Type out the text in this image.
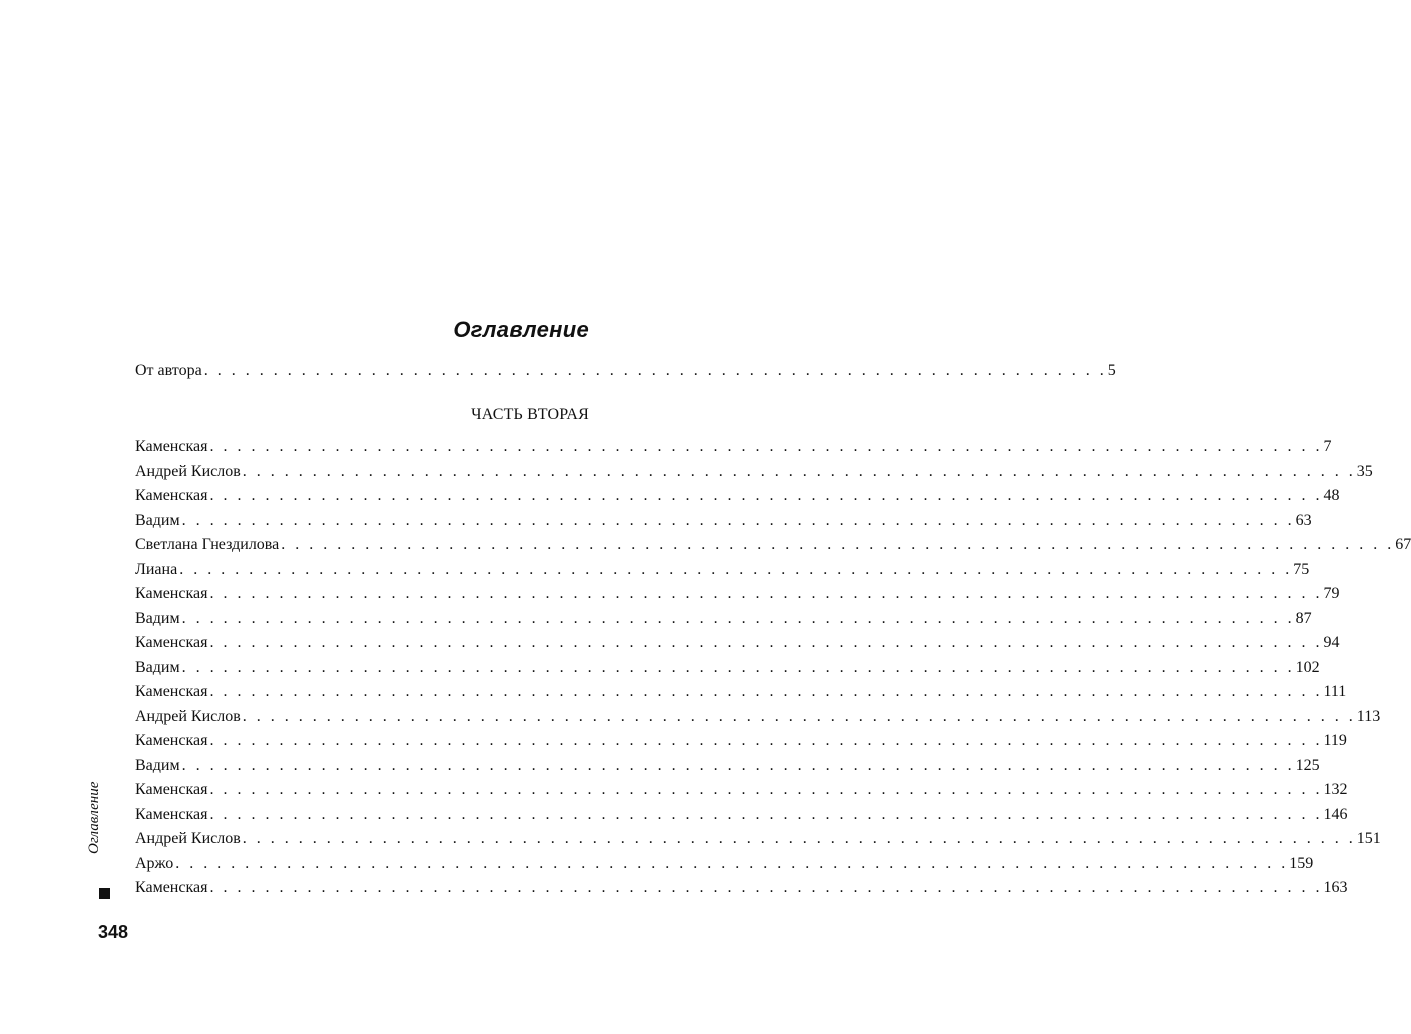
Оглавление
От автора . . . . . . . . . . . . . . . . . . . . . . . . . . . . . . . . . . . . . . . . . . . . . . . . . . . . . . . . . . . . . . . . . 5
ЧАСТЬ ВТОРАЯ
Каменская . . . . . . . . . . . . . . . . . . . . . . . . . . . . . . . . . . . . . . . . . . . . . . . . . . . . . . . . . . . . . . . . . . . . . . . . . . . . . . . . 7
Андрей Кислов . . . . . . . . . . . . . . . . . . . . . . . . . . . . . . . . . . . . . . . . . . . . . . . . . . . . . . . . . . . . . . . . . . . . . . . . . . . . . . . . 35
Каменская . . . . . . . . . . . . . . . . . . . . . . . . . . . . . . . . . . . . . . . . . . . . . . . . . . . . . . . . . . . . . . . . . . . . . . . . . . . . . . . . 48
Вадим . . . . . . . . . . . . . . . . . . . . . . . . . . . . . . . . . . . . . . . . . . . . . . . . . . . . . . . . . . . . . . . . . . . . . . . . . . . . . . . . 63
Светлана Гнездилова . . . . . . . . . . . . . . . . . . . . . . . . . . . . . . . . . . . . . . . . . . . . . . . . . . . . . . . . . . . . . . . . . . . . . . . . . . . . . . . . 67
Лиана . . . . . . . . . . . . . . . . . . . . . . . . . . . . . . . . . . . . . . . . . . . . . . . . . . . . . . . . . . . . . . . . . . . . . . . . . . . . . . . . 75
Каменская . . . . . . . . . . . . . . . . . . . . . . . . . . . . . . . . . . . . . . . . . . . . . . . . . . . . . . . . . . . . . . . . . . . . . . . . . . . . . . . . 79
Вадим . . . . . . . . . . . . . . . . . . . . . . . . . . . . . . . . . . . . . . . . . . . . . . . . . . . . . . . . . . . . . . . . . . . . . . . . . . . . . . . . 87
Каменская . . . . . . . . . . . . . . . . . . . . . . . . . . . . . . . . . . . . . . . . . . . . . . . . . . . . . . . . . . . . . . . . . . . . . . . . . . . . . . . . 94
Вадим . . . . . . . . . . . . . . . . . . . . . . . . . . . . . . . . . . . . . . . . . . . . . . . . . . . . . . . . . . . . . . . . . . . . . . . . . . . . . . . . 102
Каменская . . . . . . . . . . . . . . . . . . . . . . . . . . . . . . . . . . . . . . . . . . . . . . . . . . . . . . . . . . . . . . . . . . . . . . . . . . . . . . . . 111
Андрей Кислов . . . . . . . . . . . . . . . . . . . . . . . . . . . . . . . . . . . . . . . . . . . . . . . . . . . . . . . . . . . . . . . . . . . . . . . . . . . . . . . . 113
Каменская . . . . . . . . . . . . . . . . . . . . . . . . . . . . . . . . . . . . . . . . . . . . . . . . . . . . . . . . . . . . . . . . . . . . . . . . . . . . . . . . 119
Вадим . . . . . . . . . . . . . . . . . . . . . . . . . . . . . . . . . . . . . . . . . . . . . . . . . . . . . . . . . . . . . . . . . . . . . . . . . . . . . . . . 125
Каменская . . . . . . . . . . . . . . . . . . . . . . . . . . . . . . . . . . . . . . . . . . . . . . . . . . . . . . . . . . . . . . . . . . . . . . . . . . . . . . . . 132
Каменская . . . . . . . . . . . . . . . . . . . . . . . . . . . . . . . . . . . . . . . . . . . . . . . . . . . . . . . . . . . . . . . . . . . . . . . . . . . . . . . . 146
Андрей Кислов . . . . . . . . . . . . . . . . . . . . . . . . . . . . . . . . . . . . . . . . . . . . . . . . . . . . . . . . . . . . . . . . . . . . . . . . . . . . . . . . 151
Аржо . . . . . . . . . . . . . . . . . . . . . . . . . . . . . . . . . . . . . . . . . . . . . . . . . . . . . . . . . . . . . . . . . . . . . . . . . . . . . . . . 159
Каменская . . . . . . . . . . . . . . . . . . . . . . . . . . . . . . . . . . . . . . . . . . . . . . . . . . . . . . . . . . . . . . . . . . . . . . . . . . . . . . . . 163
Оглавление
348
